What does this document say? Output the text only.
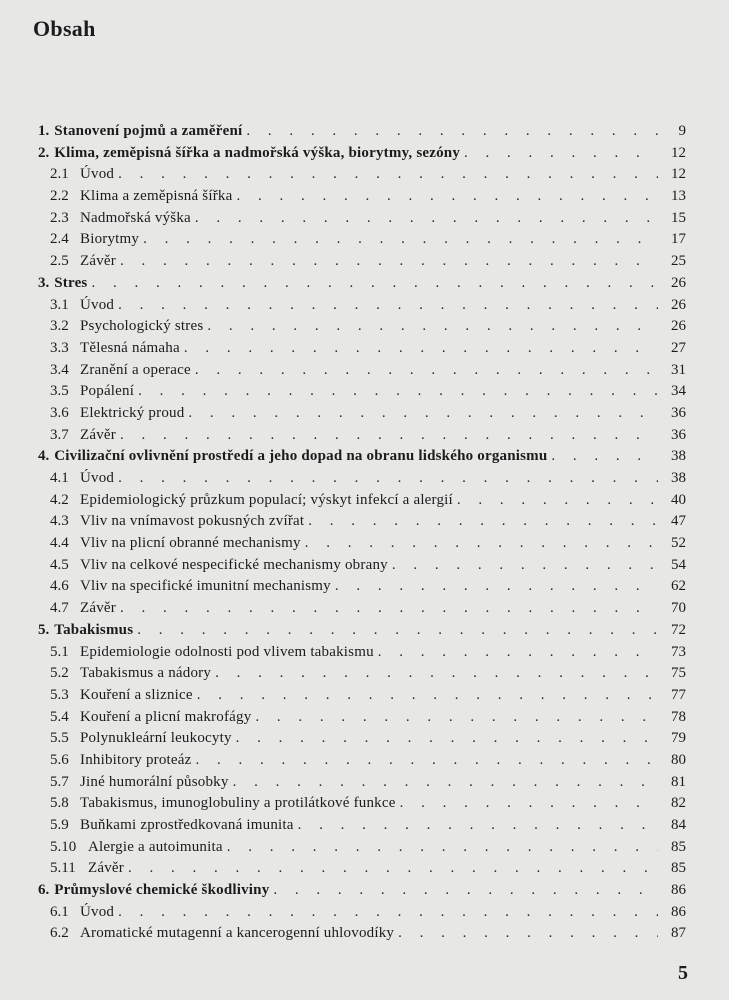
Obsah
1. Stanovení pojmů a zaměření . . .	9
2. Klima, zeměpisná šířka a nadmořská výška, biorytmy, sezóny . . .	12
2.1 Úvod . . .	12
2.2 Klima a zeměpisná šířka . . .	13
2.3 Nadmořská výška . . .	15
2.4 Biorytmy . . .	17
2.5 Závěr . . .	25
3. Stres . . .	26
3.1 Úvod . . .	26
3.2 Psychologický stres . . .	26
3.3 Tělesná námaha . . .	27
3.4 Zranění a operace . . .	31
3.5 Popálení . . .	34
3.6 Elektrický proud . . .	36
3.7 Závěr . . .	36
4. Civilizační ovlivnění prostředí a jeho dopad na obranu lidského organismu . . .	38
4.1 Úvod . . .	38
4.2 Epidemiologický průzkum populací; výskyt infekcí a alergií . . .	40
4.3 Vliv na vnímavost pokusných zvířat . . .	47
4.4 Vliv na plicní obranné mechanismy . . .	52
4.5 Vliv na celkové nespecifické mechanismy obrany . . .	54
4.6 Vliv na specifické imunitní mechanismy . . .	62
4.7 Závěr . . .	70
5. Tabakismus . . .	72
5.1 Epidemiologie odolnosti pod vlivem tabakismu . . .	73
5.2 Tabakismus a nádory . . .	75
5.3 Kouření a sliznice . . .	77
5.4 Kouření a plicní makrofágy . . .	78
5.5 Polynukleární leukocyty . . .	79
5.6 Inhibitory proteáz . . .	80
5.7 Jiné humorální působky . . .	81
5.8 Tabakismus, imunoglobuliny a protilátkové funkce . . .	82
5.9 Buňkami zprostředkovaná imunita . . .	84
5.10 Alergie a autoimunita . . .	85
5.11 Závěr . . .	85
6. Průmyslové chemické škodliviny . . .	86
6.1 Úvod . . .	86
6.2 Aromatické mutagenní a kancerogenní uhlovodíky . . .	87
5
